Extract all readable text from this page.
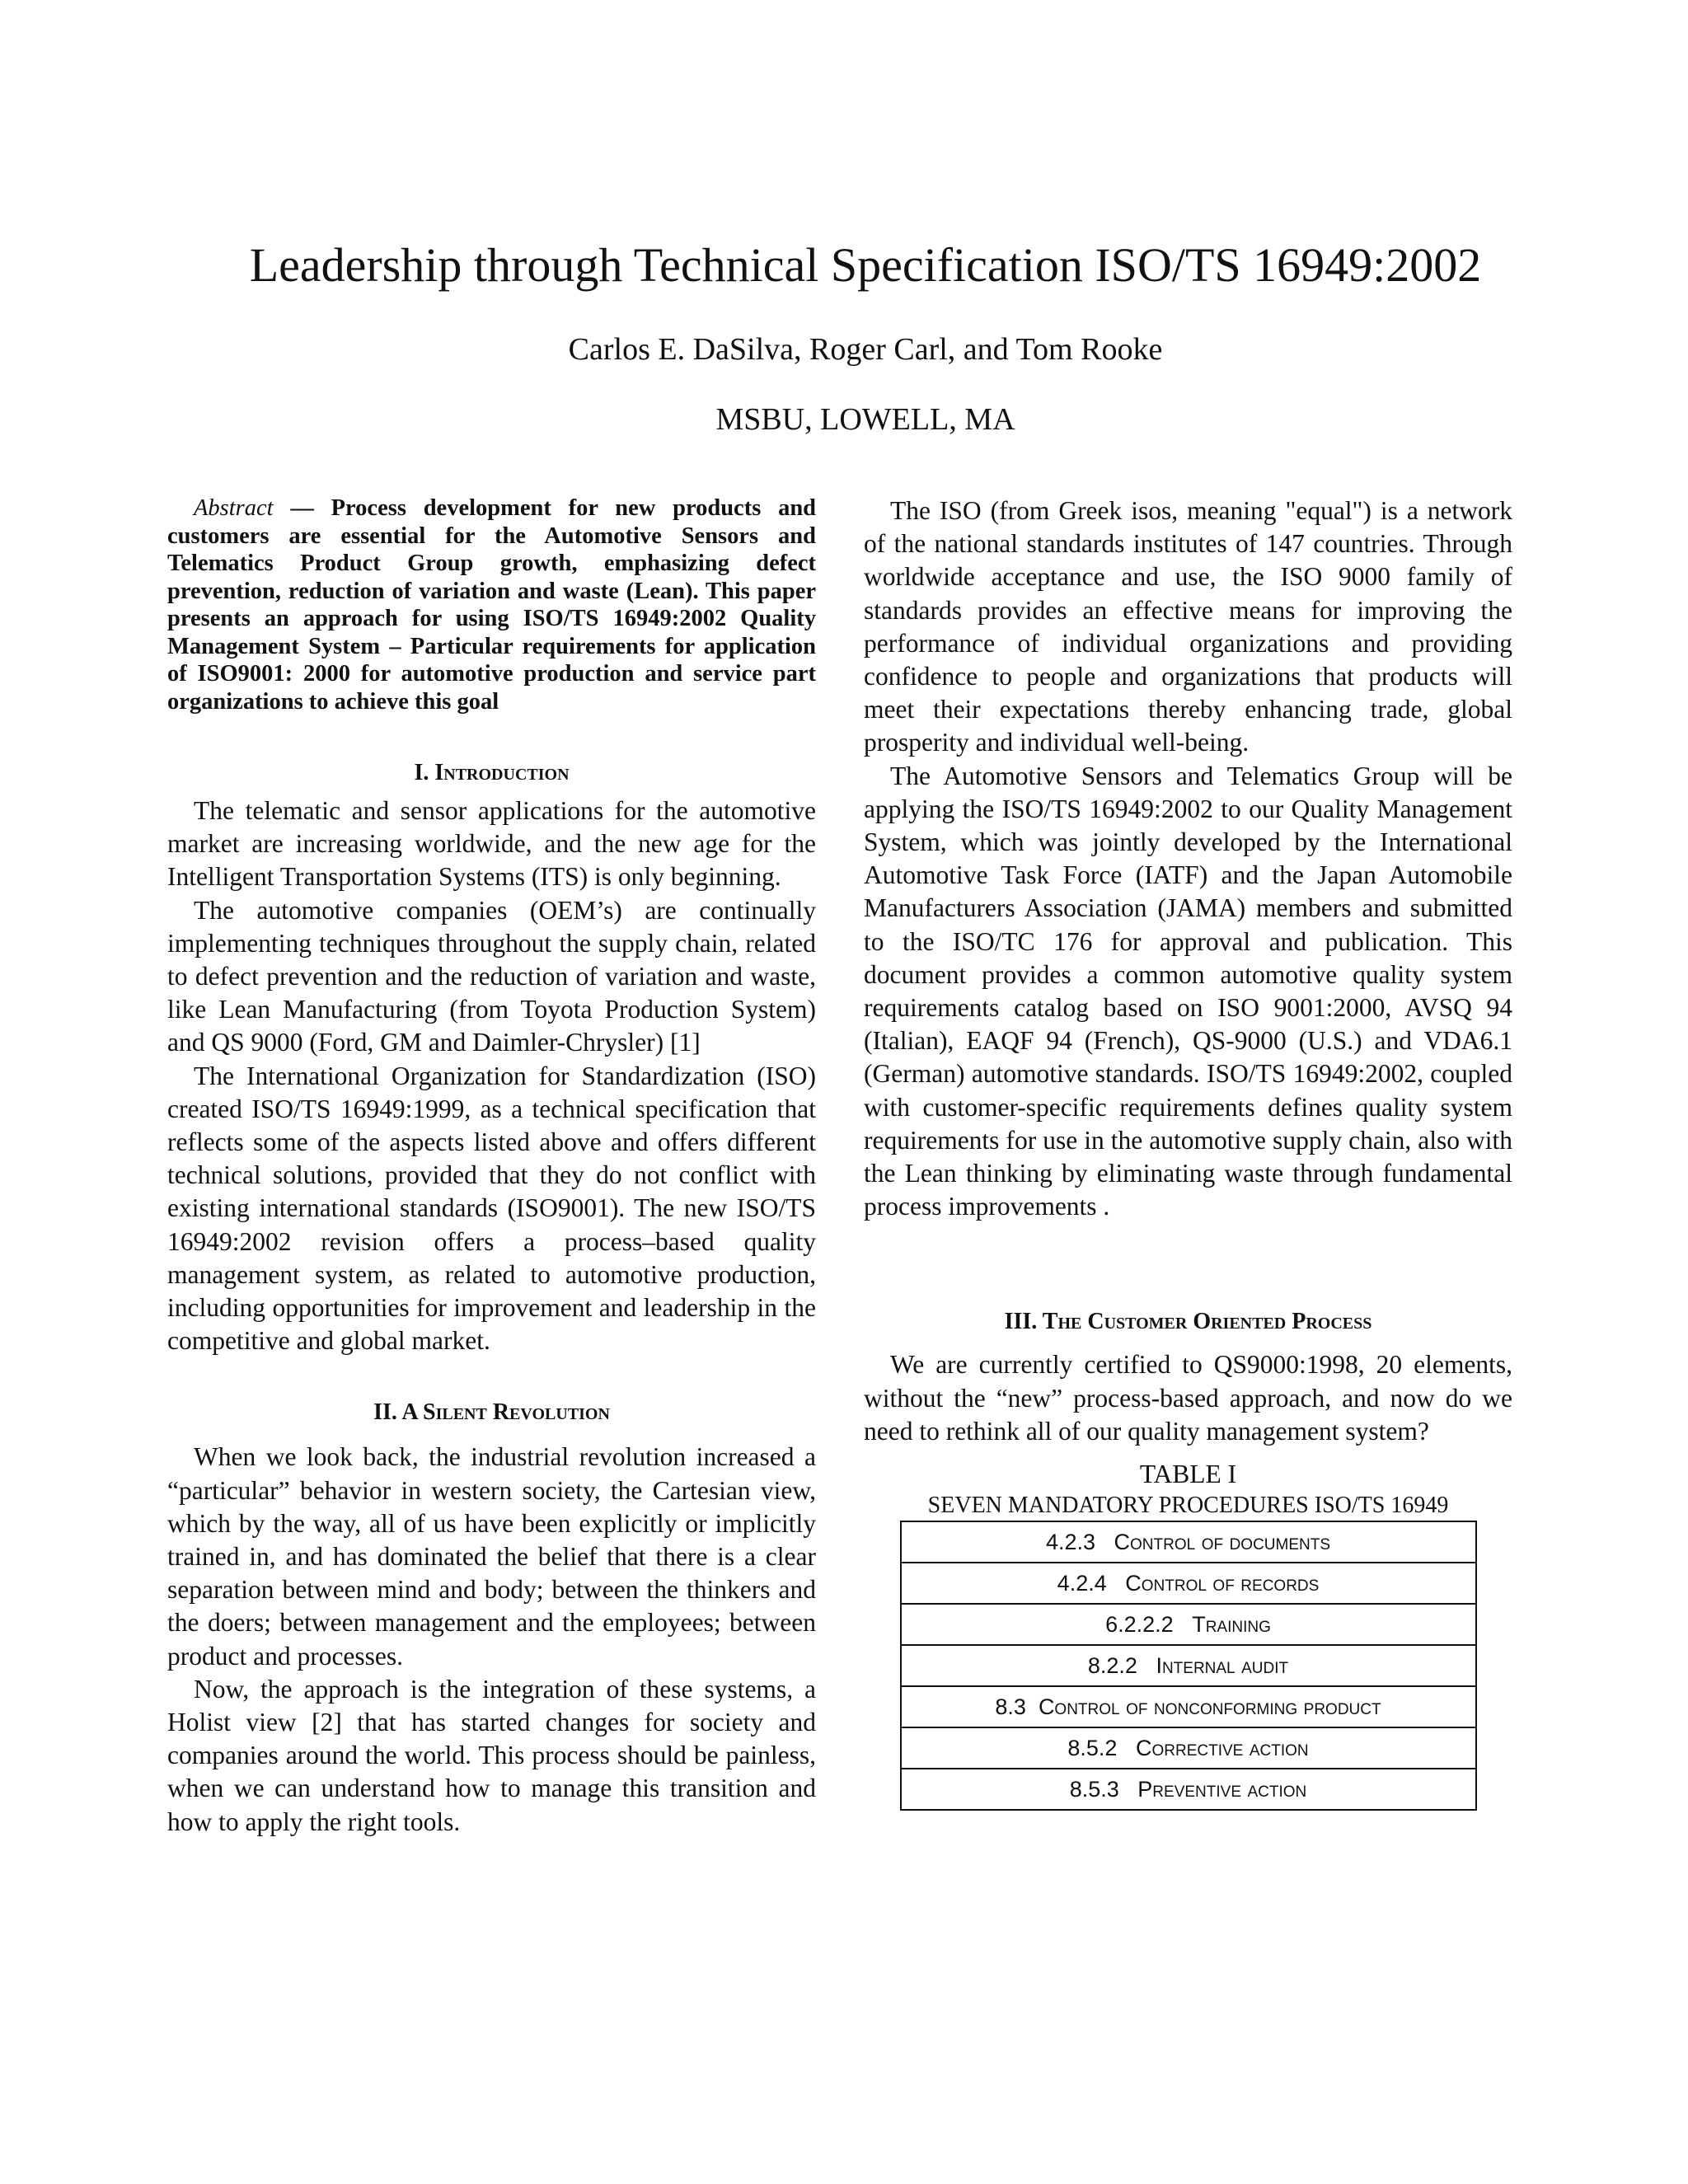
Leadership through Technical Specification ISO/TS 16949:2002
Carlos E. DaSilva, Roger Carl, and Tom Rooke
MSBU, LOWELL, MA

Abstract — Process development for new products and customers are essential for the Automotive Sensors and Telematics Product Group growth, emphasizing defect prevention, reduction of variation and waste (Lean). This paper presents an approach for using ISO/TS 16949:2002 Quality Management System – Particular requirements for application of ISO9001: 2000 for automotive production and service part organizations to achieve this goal

I. Introduction

The telematic and sensor applications for the automotive market are increasing worldwide, and the new age for the Intelligent Transportation Systems (ITS) is only beginning.

The automotive companies (OEM’s) are continually implementing techniques throughout the supply chain, related to defect prevention and the reduction of variation and waste, like Lean Manufacturing (from Toyota Production System) and QS 9000 (Ford, GM and Daimler-Chrysler) [1]

The International Organization for Standardization (ISO) created ISO/TS 16949:1999, as a technical specification that reflects some of the aspects listed above and offers different technical solutions, provided that they do not conflict with existing international standards (ISO9001). The new ISO/TS 16949:2002 revision offers a process–based quality management system, as related to automotive production, including opportunities for improvement and leadership in the competitive and global market.

II. A Silent Revolution

When we look back, the industrial revolution increased a “particular” behavior in western society, the Cartesian view, which by the way, all of us have been explicitly or implicitly trained in, and has dominated the belief that there is a clear separation between mind and body; between the thinkers and the doers; between management and the employees; between product and processes.

Now, the approach is the integration of these systems, a Holist view [2] that has started changes for society and companies around the world. This process should be painless, when we can understand how to manage this transition and how to apply the right tools.

The ISO (from Greek isos, meaning "equal") is a network of the national standards institutes of 147 countries. Through worldwide acceptance and use, the ISO 9000 family of standards provides an effective means for improving the performance of individual organizations and providing confidence to people and organizations that products will meet their expectations thereby enhancing trade, global prosperity and individual well-being.

The Automotive Sensors and Telematics Group will be applying the ISO/TS 16949:2002 to our Quality Management System, which was jointly developed by the International Automotive Task Force (IATF) and the Japan Automobile Manufacturers Association (JAMA) members and submitted to the ISO/TC 176 for approval and publication. This document provides a common automotive quality system requirements catalog based on ISO 9001:2000, AVSQ 94 (Italian), EAQF 94 (French), QS-9000 (U.S.) and VDA6.1 (German) automotive standards. ISO/TS 16949:2002, coupled with customer-specific requirements defines quality system requirements for use in the automotive supply chain, also with the Lean thinking by eliminating waste through fundamental process improvements .

III. The Customer Oriented Process

We are currently certified to QS9000:1998, 20 elements, without the “new” process-based approach, and now do we need to rethink all of our quality management system?

TABLE I
SEVEN MANDATORY PROCEDURES ISO/TS 16949
4.2.3 Control of documents
4.2.4 Control of records
6.2.2.2 Training
8.2.2 Internal audit
8.3 Control of nonconforming product
8.5.2 Corrective action
8.5.3 Preventive action
